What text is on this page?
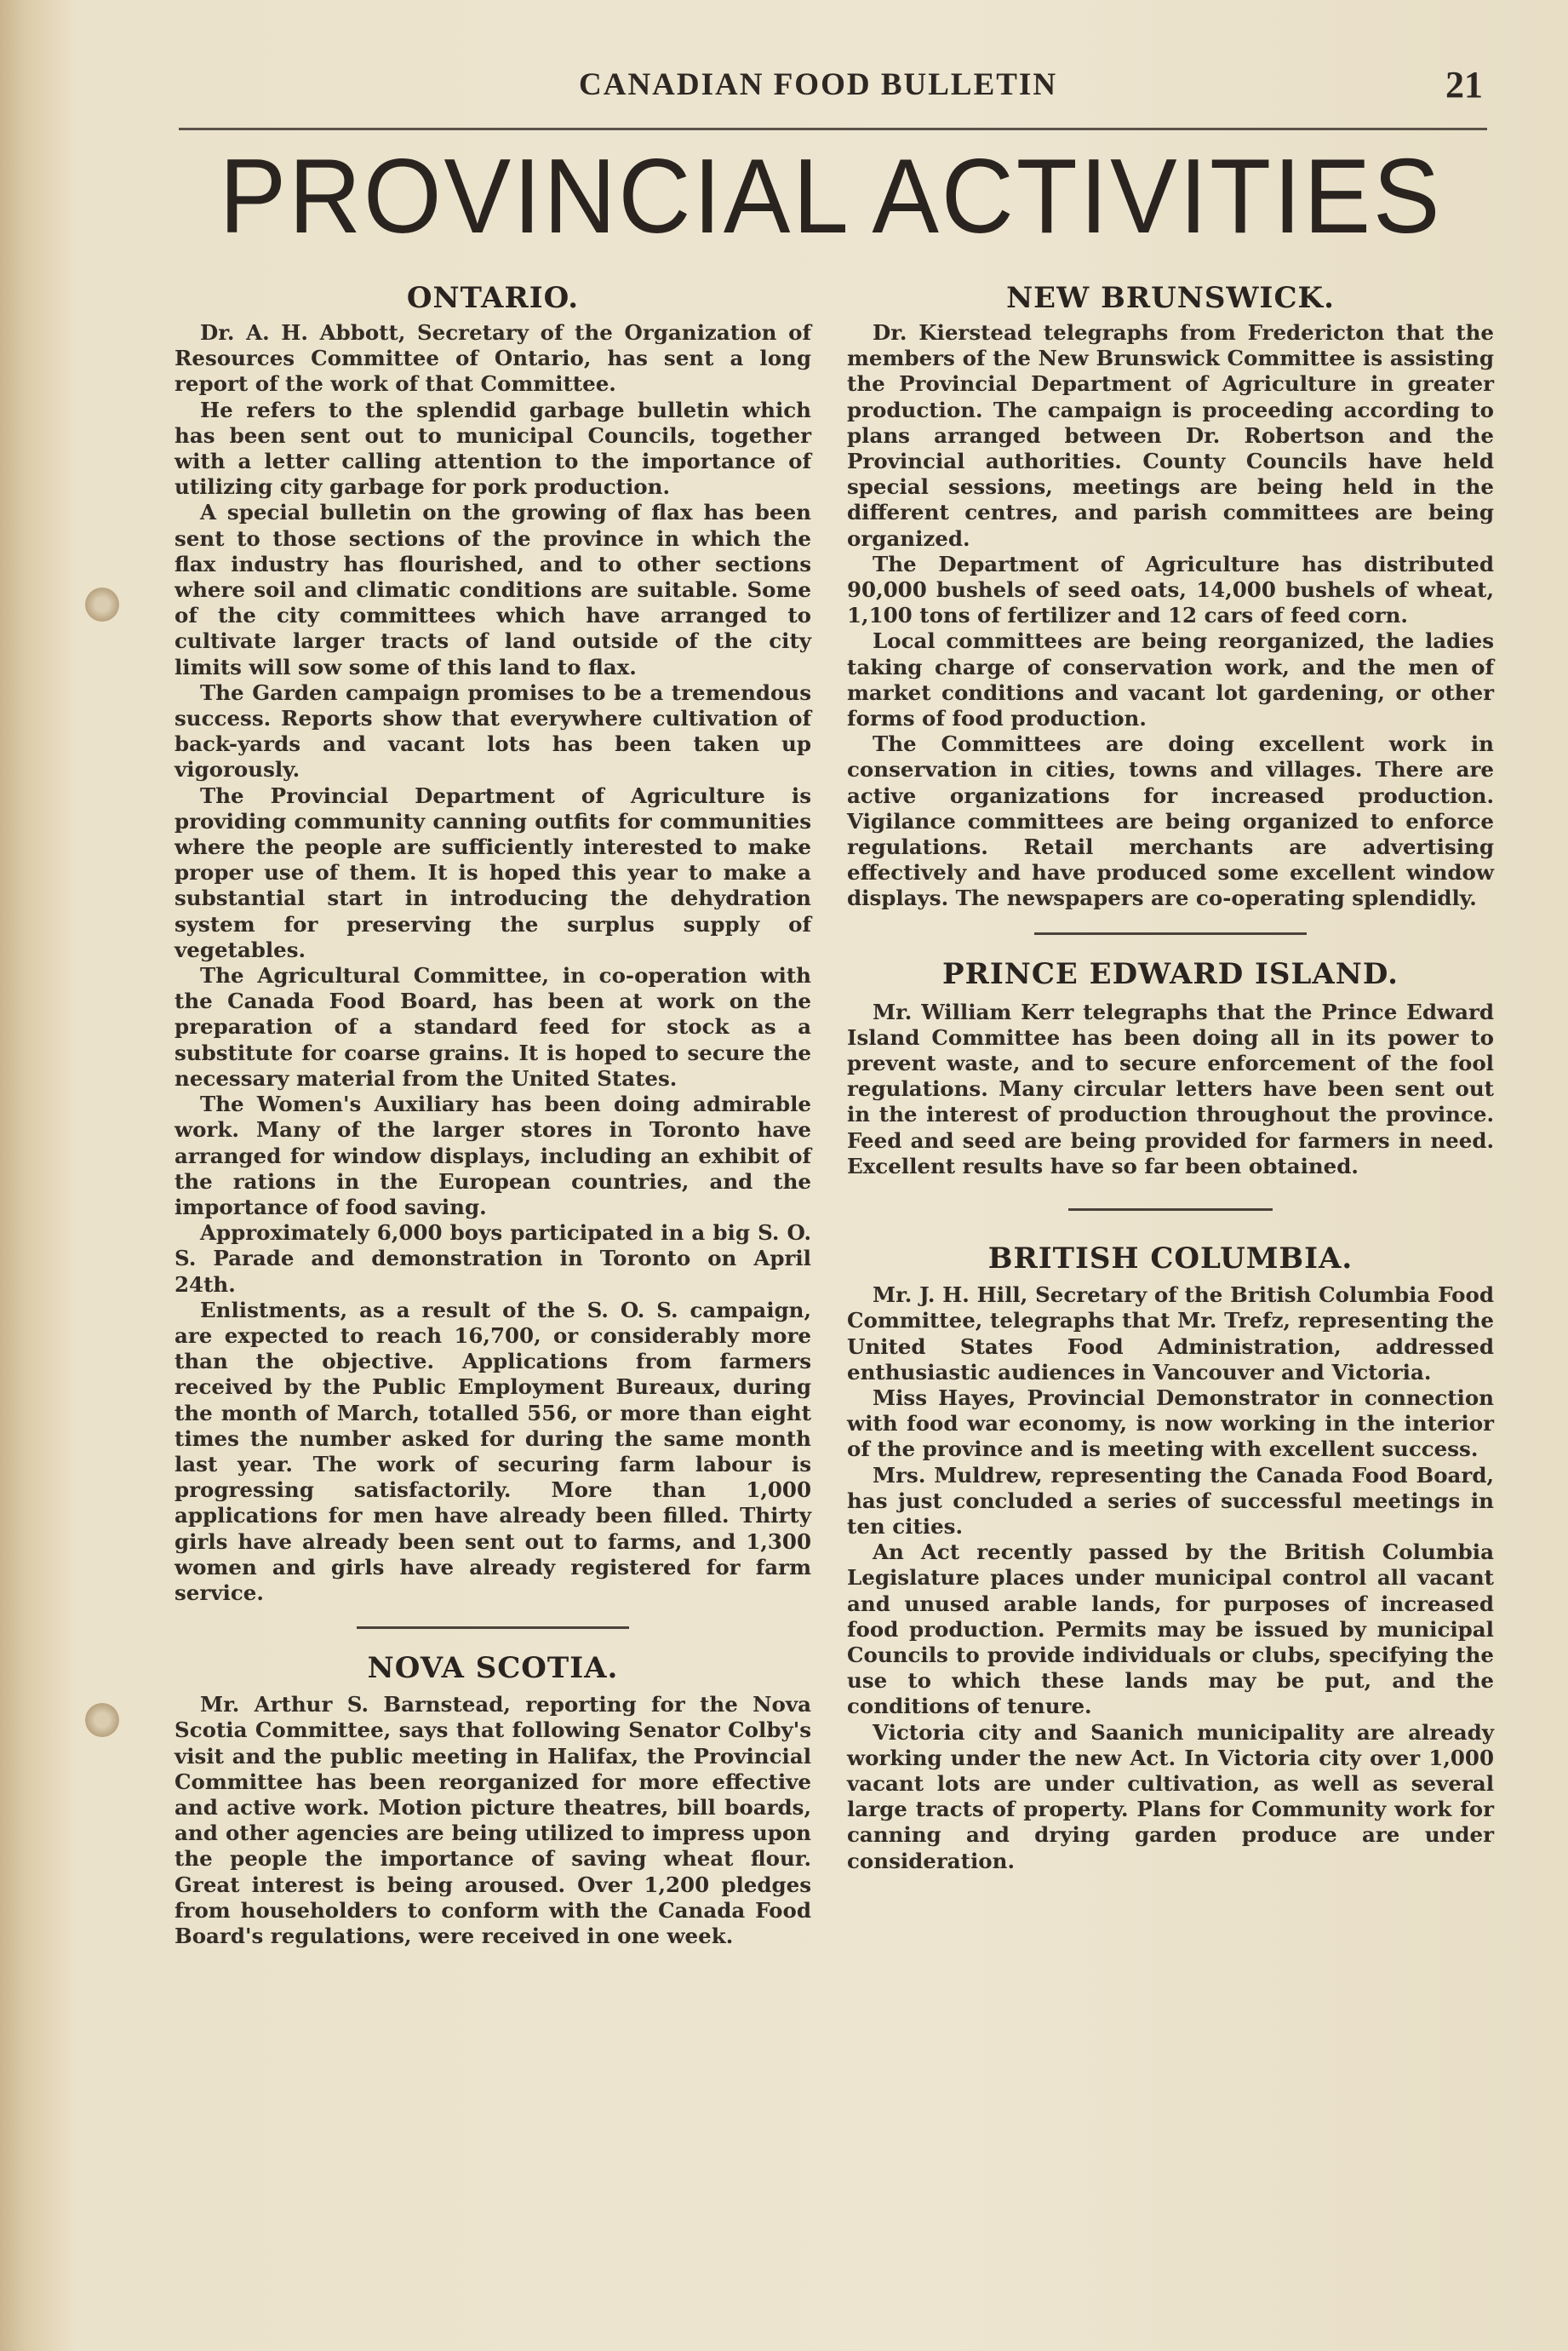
CANADIAN FOOD BULLETIN	21
PROVINCIAL ACTIVITIES
ONTARIO.

Dr. A. H. Abbott, Secretary of the Organization of Resources Committee of Ontario, has sent a long report of the work of that Committee.

He refers to the splendid garbage bulletin which has been sent out to municipal Councils, together with a letter calling attention to the importance of utilizing city garbage for pork production.

A special bulletin on the growing of flax has been sent to those sections of the province in which the flax industry has flourished, and to other sections where soil and climatic conditions are suitable. Some of the city committees which have arranged to cultivate larger tracts of land outside of the city limits will sow some of this land to flax.

The Garden campaign promises to be a tremendous success. Reports show that everywhere cultivation of back-yards and vacant lots has been taken up vigorously.

The Provincial Department of Agriculture is providing community canning outfits for communities where the people are sufficiently interested to make proper use of them. It is hoped this year to make a substantial start in introducing the dehydration system for preserving the surplus supply of vegetables.

The Agricultural Committee, in co-operation with the Canada Food Board, has been at work on the preparation of a standard feed for stock as a substitute for coarse grains. It is hoped to secure the necessary material from the United States.

The Women's Auxiliary has been doing admirable work. Many of the larger stores in Toronto have arranged for window displays, including an exhibit of the rations in the European countries, and the importance of food saving.

Approximately 6,000 boys participated in a big S. O. S. Parade and demonstration in Toronto on April 24th.

Enlistments, as a result of the S. O. S. campaign, are expected to reach 16,700, or considerably more than the objective. Applications from farmers received by the Public Employment Bureaux, during the month of March, totalled 556, or more than eight times the number asked for during the same month last year. The work of securing farm labour is progressing satisfactorily. More than 1,000 applications for men have already been filled. Thirty girls have already been sent out to farms, and 1,300 women and girls have already registered for farm service.

NOVA SCOTIA.

Mr. Arthur S. Barnstead, reporting for the Nova Scotia Committee, says that following Senator Colby's visit and the public meeting in Halifax, the Provincial Committee has been reorganized for more effective and active work. Motion picture theatres, bill boards, and other agencies are being utilized to impress upon the people the importance of saving wheat flour. Great interest is being aroused. Over 1,200 pledges from householders to conform with the Canada Food Board's regulations, were received in one week.

NEW BRUNSWICK.

Dr. Kierstead telegraphs from Fredericton that the members of the New Brunswick Committee is assisting the Provincial Department of Agriculture in greater production. The campaign is proceeding according to plans arranged between Dr. Robertson and the Provincial authorities. County Councils have held special sessions, meetings are being held in the different centres, and parish committees are being organized.

The Department of Agriculture has distributed 90,000 bushels of seed oats, 14,000 bushels of wheat, 1,100 tons of fertilizer and 12 cars of feed corn.

Local committees are being reorganized, the ladies taking charge of conservation work, and the men of market conditions and vacant lot gardening, or other forms of food production.

The Committees are doing excellent work in conservation in cities, towns and villages. There are active organizations for increased production. Vigilance committees are being organized to enforce regulations. Retail merchants are advertising effectively and have produced some excellent window displays. The newspapers are co-operating splendidly.

PRINCE EDWARD ISLAND.

Mr. William Kerr telegraphs that the Prince Edward Island Committee has been doing all in its power to prevent waste, and to secure enforcement of the fool regulations. Many circular letters have been sent out in the interest of production throughout the province. Feed and seed are being provided for farmers in need. Excellent results have so far been obtained.

BRITISH COLUMBIA.

Mr. J. H. Hill, Secretary of the British Columbia Food Committee, telegraphs that Mr. Trefz, representing the United States Food Administration, addressed enthusiastic audiences in Vancouver and Victoria.

Miss Hayes, Provincial Demonstrator in connection with food war economy, is now working in the interior of the province and is meeting with excellent success.

Mrs. Muldrew, representing the Canada Food Board, has just concluded a series of successful meetings in ten cities.

An Act recently passed by the British Columbia Legislature places under municipal control all vacant and unused arable lands, for purposes of increased food production. Permits may be issued by municipal Councils to provide individuals or clubs, specifying the use to which these lands may be put, and the conditions of tenure.

Victoria city and Saanich municipality are already working under the new Act. In Victoria city over 1,000 vacant lots are under cultivation, as well as several large tracts of property. Plans for Community work for canning and drying garden produce are under consideration.
